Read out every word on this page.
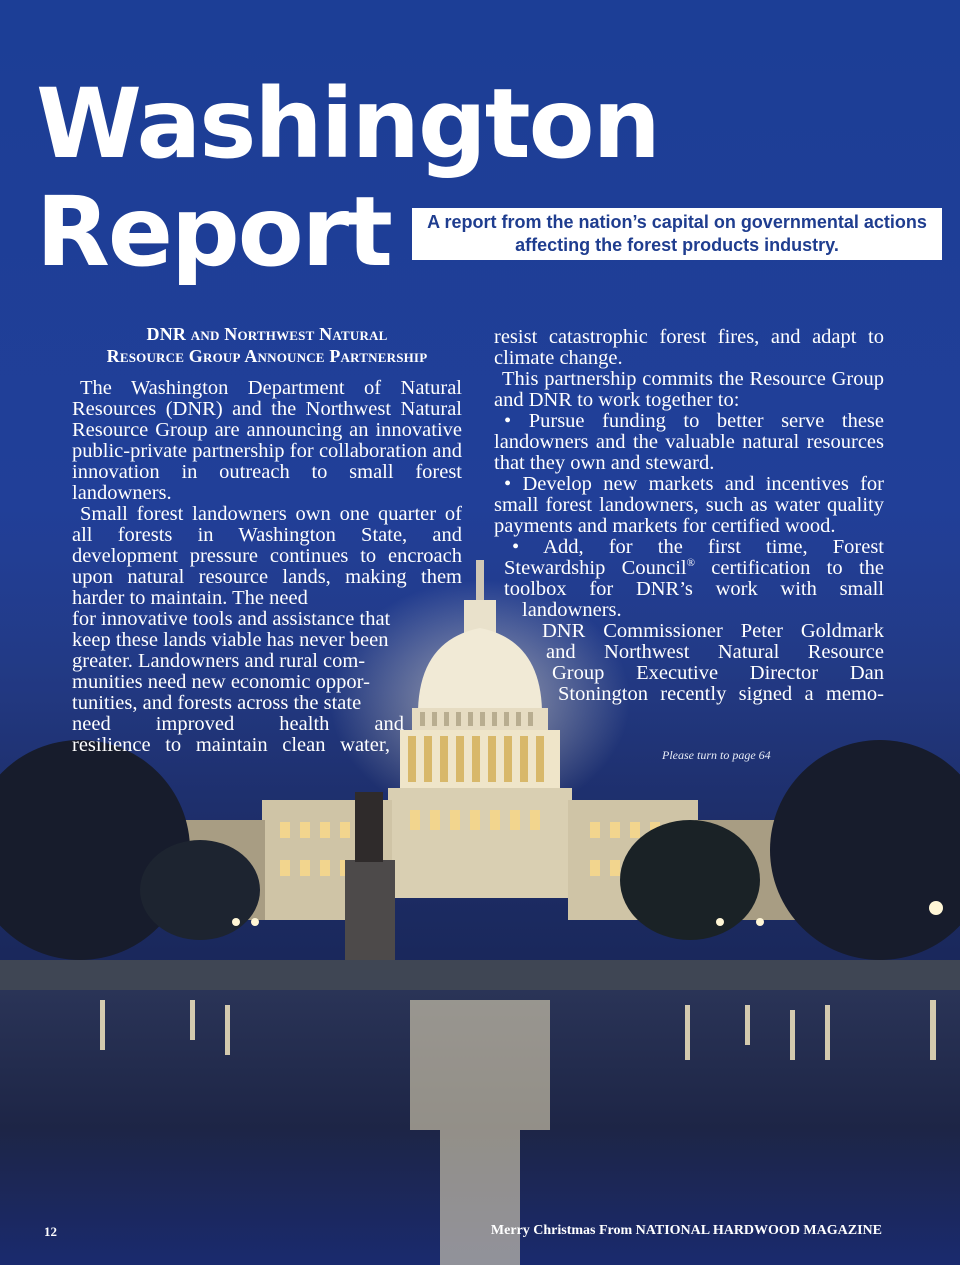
Washington
Report	A report from the nation’s capital on governmental actions
affecting the forest products industry.
DNR and Northwest Natural
Resource Group Announce Partnership

The Washington Department of Natural Resources (DNR) and the Northwest Natural Resource Group are announcing an innovative public-private partnership for collaboration and innovation in outreach to small forest landowners.

Small forest landowners own one quarter of all forests in Washington State, and development pressure continues to encroach upon natural resource lands, making them harder to maintain. The need

for innovative tools and assistance that

keep these lands viable has never been

greater. Landowners and rural com-

munities need new economic oppor-

tunities, and forests across the state

need improved health and

resilience to maintain clean water,

resist catastrophic forest fires, and adapt to climate change.

This partnership commits the Resource Group and DNR to work together to:

• Pursue funding to better serve these landowners and the valuable natural resources that they own and steward.

• Develop new markets and incentives for small forest landowners, such as water quality payments and markets for certified wood.

• Add, for the first time, Forest

Stewardship Council® certification to the

toolbox for DNR’s work with small

landowners.

DNR Commissioner Peter Goldmark

and Northwest Natural Resource

Group Executive Director Dan

Stonington recently signed a memo-

Please turn to page 64
12	Merry Christmas From NATIONAL HARDWOOD MAGAZINE
